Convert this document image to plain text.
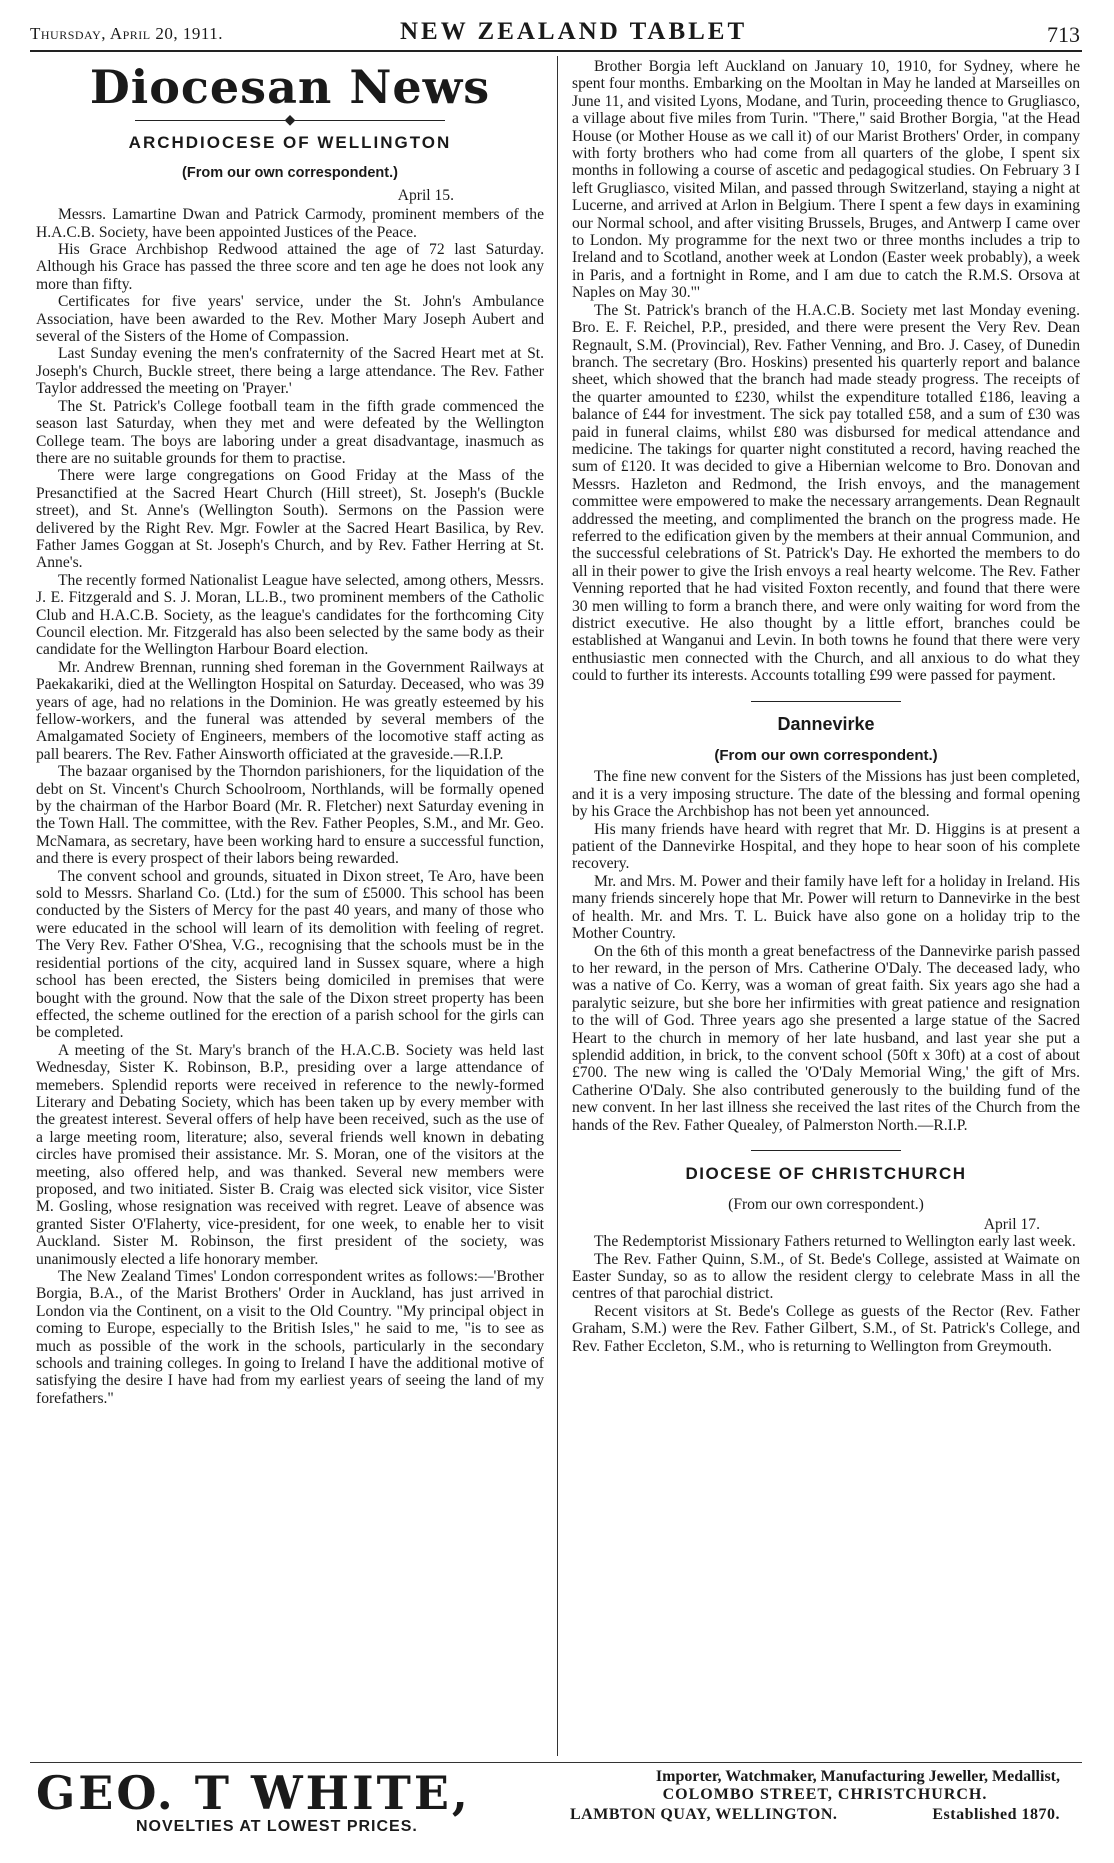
Thursday, April 20, 1911.	NEW ZEALAND TABLET	713
Diocesan News
◆
ARCHDIOCESE OF WELLINGTON
(From our own correspondent.)
April 15.

Messrs. Lamartine Dwan and Patrick Carmody, prominent members of the H.A.C.B. Society, have been appointed Justices of the Peace.

His Grace Archbishop Redwood attained the age of 72 last Saturday. Although his Grace has passed the three score and ten age he does not look any more than fifty.

Certificates for five years' service, under the St. John's Ambulance Association, have been awarded to the Rev. Mother Mary Joseph Aubert and several of the Sisters of the Home of Compassion.

Last Sunday evening the men's confraternity of the Sacred Heart met at St. Joseph's Church, Buckle street, there being a large attendance. The Rev. Father Taylor addressed the meeting on 'Prayer.'

The St. Patrick's College football team in the fifth grade commenced the season last Saturday, when they met and were defeated by the Wellington College team. The boys are laboring under a great disadvantage, inasmuch as there are no suitable grounds for them to practise.

There were large congregations on Good Friday at the Mass of the Presanctified at the Sacred Heart Church (Hill street), St. Joseph's (Buckle street), and St. Anne's (Wellington South). Sermons on the Passion were delivered by the Right Rev. Mgr. Fowler at the Sacred Heart Basilica, by Rev. Father James Goggan at St. Joseph's Church, and by Rev. Father Herring at St. Anne's.

The recently formed Nationalist League have selected, among others, Messrs. J. E. Fitzgerald and S. J. Moran, LL.B., two prominent members of the Catholic Club and H.A.C.B. Society, as the league's candidates for the forthcoming City Council election. Mr. Fitzgerald has also been selected by the same body as their candidate for the Wellington Harbour Board election.

Mr. Andrew Brennan, running shed foreman in the Government Railways at Paekakariki, died at the Wellington Hospital on Saturday. Deceased, who was 39 years of age, had no relations in the Dominion. He was greatly esteemed by his fellow-workers, and the funeral was attended by several members of the Amalgamated Society of Engineers, members of the locomotive staff acting as pall bearers. The Rev. Father Ainsworth officiated at the graveside.—R.I.P.

The bazaar organised by the Thorndon parishioners, for the liquidation of the debt on St. Vincent's Church Schoolroom, Northlands, will be formally opened by the chairman of the Harbor Board (Mr. R. Fletcher) next Saturday evening in the Town Hall. The committee, with the Rev. Father Peoples, S.M., and Mr. Geo. McNamara, as secretary, have been working hard to ensure a successful function, and there is every prospect of their labors being rewarded.

The convent school and grounds, situated in Dixon street, Te Aro, have been sold to Messrs. Sharland Co. (Ltd.) for the sum of £5000. This school has been conducted by the Sisters of Mercy for the past 40 years, and many of those who were educated in the school will learn of its demolition with feeling of regret. The Very Rev. Father O'Shea, V.G., recognising that the schools must be in the residential portions of the city, acquired land in Sussex square, where a high school has been erected, the Sisters being domiciled in premises that were bought with the ground. Now that the sale of the Dixon street property has been effected, the scheme outlined for the erection of a parish school for the girls can be completed.

A meeting of the St. Mary's branch of the H.A.C.B. Society was held last Wednesday, Sister K. Robinson, B.P., presiding over a large attendance of memebers. Splendid reports were received in reference to the newly-formed Literary and Debating Society, which has been taken up by every member with the greatest interest. Several offers of help have been received, such as the use of a large meeting room, literature; also, several friends well known in debating circles have promised their assistance. Mr. S. Moran, one of the visitors at the meeting, also offered help, and was thanked. Several new members were proposed, and two initiated. Sister B. Craig was elected sick visitor, vice Sister M. Gosling, whose resignation was received with regret. Leave of absence was granted Sister O'Flaherty, vice-president, for one week, to enable her to visit Auckland. Sister M. Robinson, the first president of the society, was unanimously elected a life honorary member.

The New Zealand Times' London correspondent writes as follows:—'Brother Borgia, B.A., of the Marist Brothers' Order in Auckland, has just arrived in London via the Continent, on a visit to the Old Country. "My principal object in coming to Europe, especially to the British Isles," he said to me, "is to see as much as possible of the work in the schools, particularly in the secondary schools and training colleges. In going to Ireland I have the additional motive of satisfying the desire I have had from my earliest years of seeing the land of my forefathers."

Brother Borgia left Auckland on January 10, 1910, for Sydney, where he spent four months. Embarking on the Mooltan in May he landed at Marseilles on June 11, and visited Lyons, Modane, and Turin, proceeding thence to Grugliasco, a village about five miles from Turin. "There," said Brother Borgia, "at the Head House (or Mother House as we call it) of our Marist Brothers' Order, in company with forty brothers who had come from all quarters of the globe, I spent six months in following a course of ascetic and pedagogical studies. On February 3 I left Grugliasco, visited Milan, and passed through Switzerland, staying a night at Lucerne, and arrived at Arlon in Belgium. There I spent a few days in examining our Normal school, and after visiting Brussels, Bruges, and Antwerp I came over to London. My programme for the next two or three months includes a trip to Ireland and to Scotland, another week at London (Easter week probably), a week in Paris, and a fortnight in Rome, and I am due to catch the R.M.S. Orsova at Naples on May 30."'

The St. Patrick's branch of the H.A.C.B. Society met last Monday evening. Bro. E. F. Reichel, P.P., presided, and there were present the Very Rev. Dean Regnault, S.M. (Provincial), Rev. Father Venning, and Bro. J. Casey, of Dunedin branch. The secretary (Bro. Hoskins) presented his quarterly report and balance sheet, which showed that the branch had made steady progress. The receipts of the quarter amounted to £230, whilst the expenditure totalled £186, leaving a balance of £44 for investment. The sick pay totalled £58, and a sum of £30 was paid in funeral claims, whilst £80 was disbursed for medical attendance and medicine. The takings for quarter night constituted a record, having reached the sum of £120. It was decided to give a Hibernian welcome to Bro. Donovan and Messrs. Hazleton and Redmond, the Irish envoys, and the management committee were empowered to make the necessary arrangements. Dean Regnault addressed the meeting, and complimented the branch on the progress made. He referred to the edification given by the members at their annual Communion, and the successful celebrations of St. Patrick's Day. He exhorted the members to do all in their power to give the Irish envoys a real hearty welcome. The Rev. Father Venning reported that he had visited Foxton recently, and found that there were 30 men willing to form a branch there, and were only waiting for word from the district executive. He also thought by a little effort, branches could be established at Wanganui and Levin. In both towns he found that there were very enthusiastic men connected with the Church, and all anxious to do what they could to further its interests. Accounts totalling £99 were passed for payment.

Dannevirke
(From our own correspondent.)

The fine new convent for the Sisters of the Missions has just been completed, and it is a very imposing structure. The date of the blessing and formal opening by his Grace the Archbishop has not been yet announced.

His many friends have heard with regret that Mr. D. Higgins is at present a patient of the Dannevirke Hospital, and they hope to hear soon of his complete recovery.

Mr. and Mrs. M. Power and their family have left for a holiday in Ireland. His many friends sincerely hope that Mr. Power will return to Dannevirke in the best of health. Mr. and Mrs. T. L. Buick have also gone on a holiday trip to the Mother Country.

On the 6th of this month a great benefactress of the Dannevirke parish passed to her reward, in the person of Mrs. Catherine O'Daly. The deceased lady, who was a native of Co. Kerry, was a woman of great faith. Six years ago she had a paralytic seizure, but she bore her infirmities with great patience and resignation to the will of God. Three years ago she presented a large statue of the Sacred Heart to the church in memory of her late husband, and last year she put a splendid addition, in brick, to the convent school (50ft x 30ft) at a cost of about £700. The new wing is called the 'O'Daly Memorial Wing,' the gift of Mrs. Catherine O'Daly. She also contributed generously to the building fund of the new convent. In her last illness she received the last rites of the Church from the hands of the Rev. Father Quealey, of Palmerston North.—R.I.P.

DIOCESE OF CHRISTCHURCH
(From our own correspondent.)
April 17.

The Redemptorist Missionary Fathers returned to Wellington early last week.

The Rev. Father Quinn, S.M., of St. Bede's College, assisted at Waimate on Easter Sunday, so as to allow the resident clergy to celebrate Mass in all the centres of that parochial district.

Recent visitors at St. Bede's College as guests of the Rector (Rev. Father Graham, S.M.) were the Rev. Father Gilbert, S.M., of St. Patrick's College, and Rev. Father Eccleton, S.M., who is returning to Wellington from Greymouth.

GEO. T WHITE,
NOVELTIES AT LOWEST PRICES.
Importer, Watchmaker, Manufacturing Jeweller, Medallist,
COLOMBO STREET, CHRISTCHURCH.
LAMBTON QUAY, WELLINGTON.	Established 1870.
